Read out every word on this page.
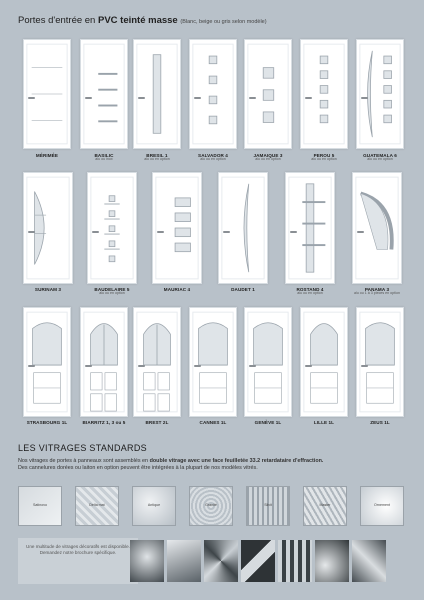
Portes d'entrée en PVC teinté masse (Blanc, beige ou gris selon modèle)
MÉRIMÉE	BASILIC
alu ou inox
BRESIL 1
alu ou en option
SALVADOR 4
alu ou en option
JAMAIQUE 3
alu ou en option
PEROU 5
alu ou en option
GUATEMALA 6
alu ou en option
SURINAM 3	BAUDELAIRE 5
alu ou en option
MAURIAC 4	DAUDET 1	ROSTAND 4
alu ou en option
PANAMA 3
alu ou 1 à 3 pieces en option
STRASBOURG 1L	BIARRITZ 1, 3 ou 5	BREST 2L	CANNES 1L	GENÈVE 1L	LILLE 1L	ZEUS 1L
LES VITRAGES STANDARDS
Nos vitrages de portes à panneaux sont assemblés en double vitrage avec une face feuilletée 33.2 retardataire d'effraction.
Des cannelures dorées ou laiton en option peuvent être intégrées à la plupart de nos modèles vitrés.
Satinovo	Delta mat	Antique	Granité	Silvit	Master	Ornement
Une multitude de vitrages décoratifs est disponible. Demandez notre brochure spécifique.
